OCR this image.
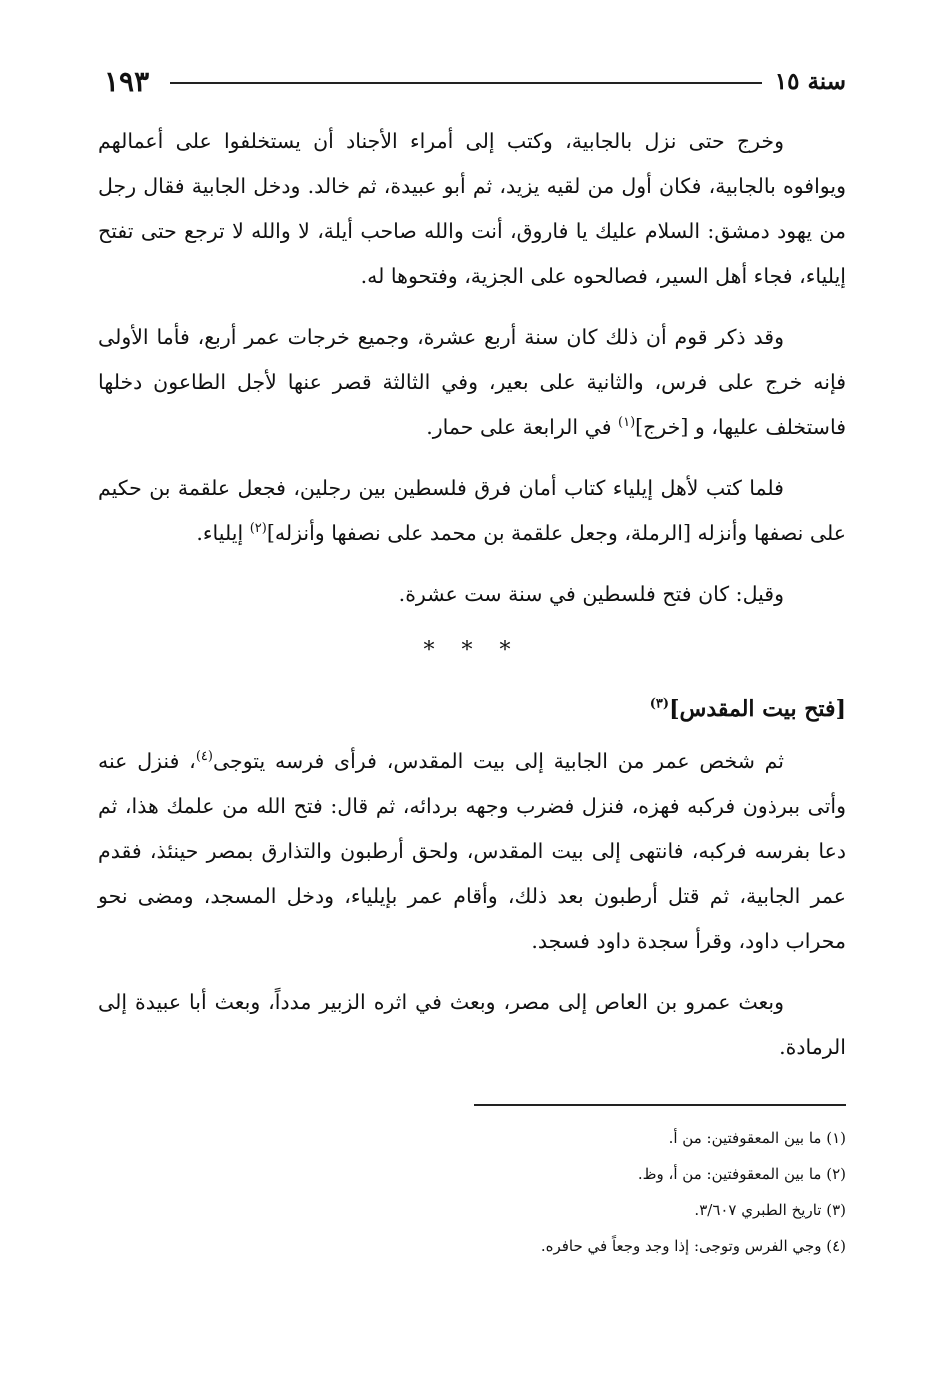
سنة ١٥
١٩٣

وخرج حتى نزل بالجابية، وكتب إلى أمراء الأجناد أن يستخلفوا على أعمالهم ويوافوه بالجابية، فكان أول من لقيه يزيد، ثم أبو عبيدة، ثم خالد. ودخل الجابية فقال رجل من يهود دمشق: السلام عليك يا فاروق، أنت والله صاحب أيلة، لا والله لا ترجع حتى تفتح إيلياء، فجاء أهل السير، فصالحوه على الجزية، وفتحوها له.

وقد ذكر قوم أن ذلك كان سنة أربع عشرة، وجميع خرجات عمر أربع، فأما الأولى فإنه خرج على فرس، والثانية على بعير، وفي الثالثة قصر عنها لأجل الطاعون دخلها فاستخلف عليها، و [خرج]$^{(١)}$ في الرابعة على حمار.

فلما كتب لأهل إيلياء كتاب أمان فرق فلسطين بين رجلين، فجعل علقمة بن حكيم على نصفها وأنزله [الرملة، وجعل علقمة بن محمد على نصفها وأنزله]$^{(٢)}$ إيلياء.

وقيل: كان فتح فلسطين في سنة ست عشرة.

* * *
[فتح بيت المقدس]$^{(٣)}$

ثم شخص عمر من الجابية إلى بيت المقدس، فرأى فرسه يتوجى$^{(٤)}$، فنزل عنه وأتى ببرذون فركبه فهزه، فنزل فضرب وجهه بردائه، ثم قال: فتح الله من علمك هذا، ثم دعا بفرسه فركبه، فانتهى إلى بيت المقدس، ولحق أرطبون والتذارق بمصر حينئذ، فقدم عمر الجابية، ثم قتل أرطبون بعد ذلك، وأقام عمر بإيلياء، ودخل المسجد، ومضى نحو محراب داود، وقرأ سجدة داود فسجد.

وبعث عمرو بن العاص إلى مصر، وبعث في اثره الزبير مدداً، وبعث أبا عبيدة إلى الرمادة.

(١) ما بين المعقوفتين: من أ.

(٢) ما بين المعقوفتين: من أ، وظ.

(٣) تاريخ الطبري ٣/٦٠٧.

(٤) وجي الفرس وتوجى: إذا وجد وجعاً في حافره.
